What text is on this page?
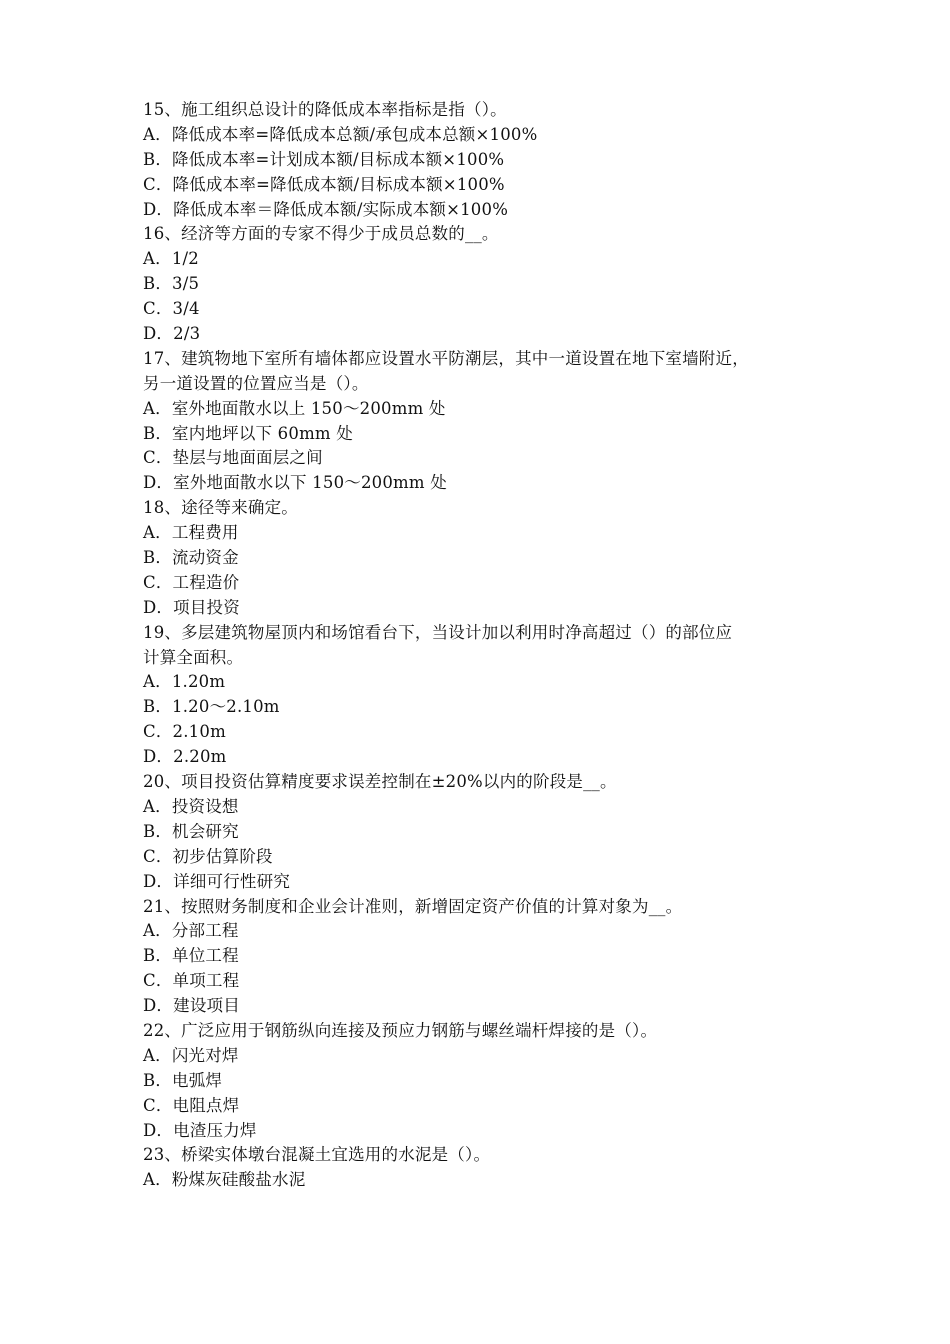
15、施工组织总设计的降低成本率指标是指（）。
A．降低成本率=降低成本总额/承包成本总额×100%
B．降低成本率=计划成本额/目标成本额×100%
C．降低成本率=降低成本额/目标成本额×100%
D．降低成本率＝降低成本额/实际成本额×100%
16、经济等方面的专家不得少于成员总数的__。
A．1/2
B．3/5
C．3/4
D．2/3
17、建筑物地下室所有墙体都应设置水平防潮层，其中一道设置在地下室墙附近，
另一道设置的位置应当是（）。
A．室外地面散水以上 150～200mm 处
B．室内地坪以下 60mm 处
C．垫层与地面面层之间
D．室外地面散水以下 150～200mm 处
18、途径等来确定。
A．工程费用
B．流动资金
C．工程造价
D．项目投资
19、多层建筑物屋顶内和场馆看台下，当设计加以利用时净高超过（）的部位应
计算全面积。
A．1.20m
B．1.20～2.10m
C．2.10m
D．2.20m
20、项目投资估算精度要求误差控制在±20%以内的阶段是__。
A．投资设想
B．机会研究
C．初步估算阶段
D．详细可行性研究
21、按照财务制度和企业会计准则，新增固定资产价值的计算对象为__。
A．分部工程
B．单位工程
C．单项工程
D．建设项目
22、广泛应用于钢筋纵向连接及预应力钢筋与螺丝端杆焊接的是（）。
A．闪光对焊
B．电弧焊
C．电阻点焊
D．电渣压力焊
23、桥梁实体墩台混凝土宜选用的水泥是（）。
A．粉煤灰硅酸盐水泥
